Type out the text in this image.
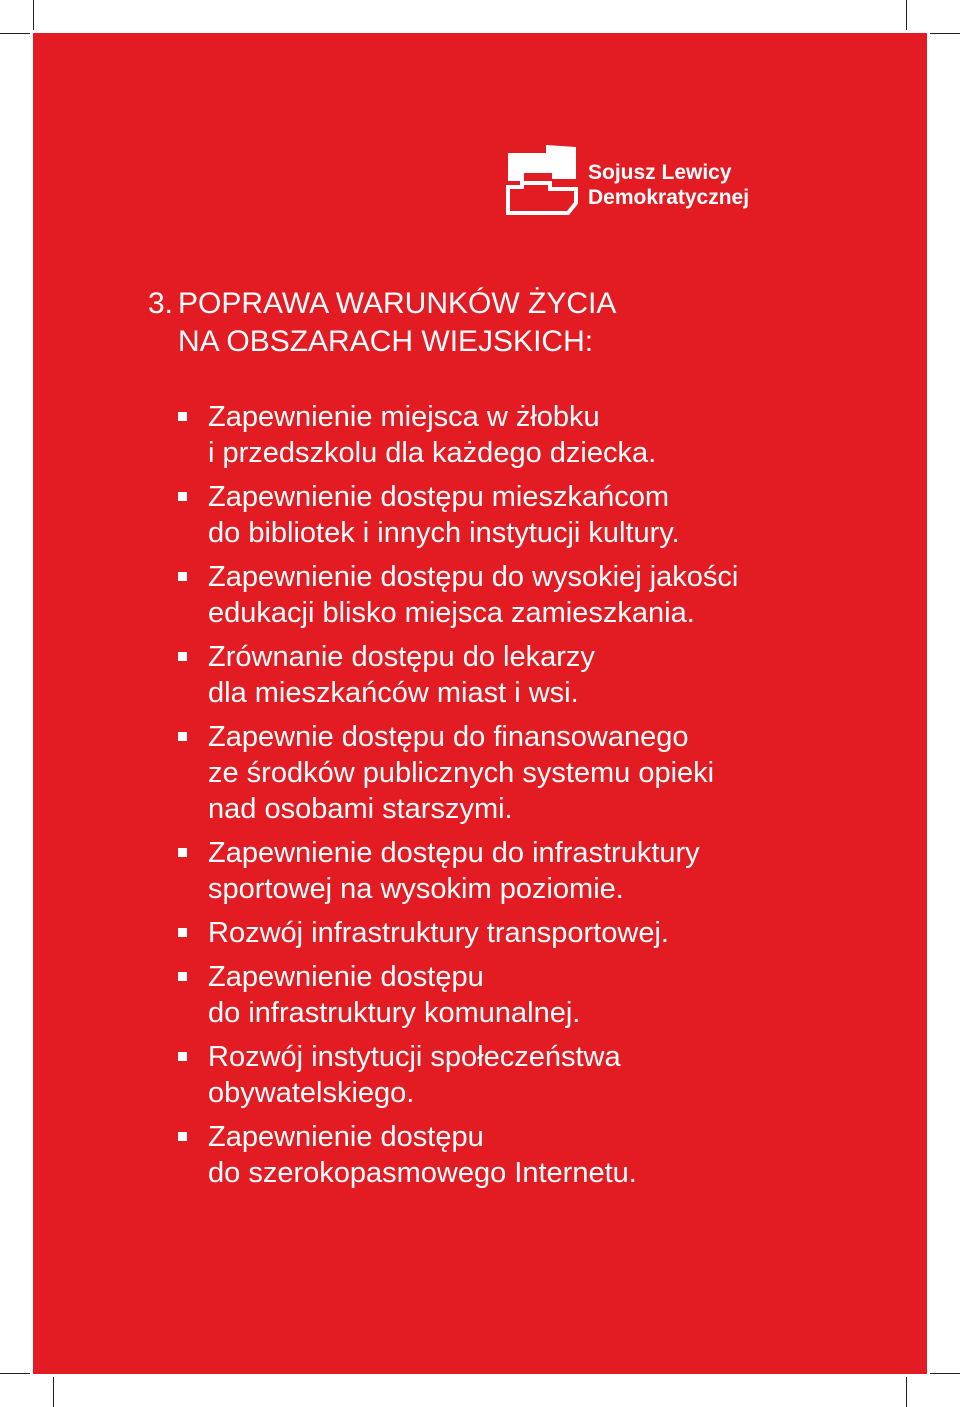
Sojusz Lewicy
Demokratycznej
3. POPRAWA WARUNKÓW ŻYCIA
NA OBSZARACH WIEJSKICH:
Zapewnienie miejsca w żłobku
i przedszkolu dla każdego dziecka.
Zapewnienie dostępu mieszkańcom
do bibliotek i innych instytucji kultury.
Zapewnienie dostępu do wysokiej jakości
edukacji blisko miejsca zamieszkania.
Zrównanie dostępu do lekarzy
dla mieszkańców miast i wsi.
Zapewnie dostępu do finansowanego
ze środków publicznych systemu opieki
nad osobami starszymi.
Zapewnienie dostępu do infrastruktury
sportowej na wysokim poziomie.
Rozwój infrastruktury transportowej.
Zapewnienie dostępu
do infrastruktury komunalnej.
Rozwój instytucji społeczeństwa
obywatelskiego.
Zapewnienie dostępu
do szerokopasmowego Internetu.
